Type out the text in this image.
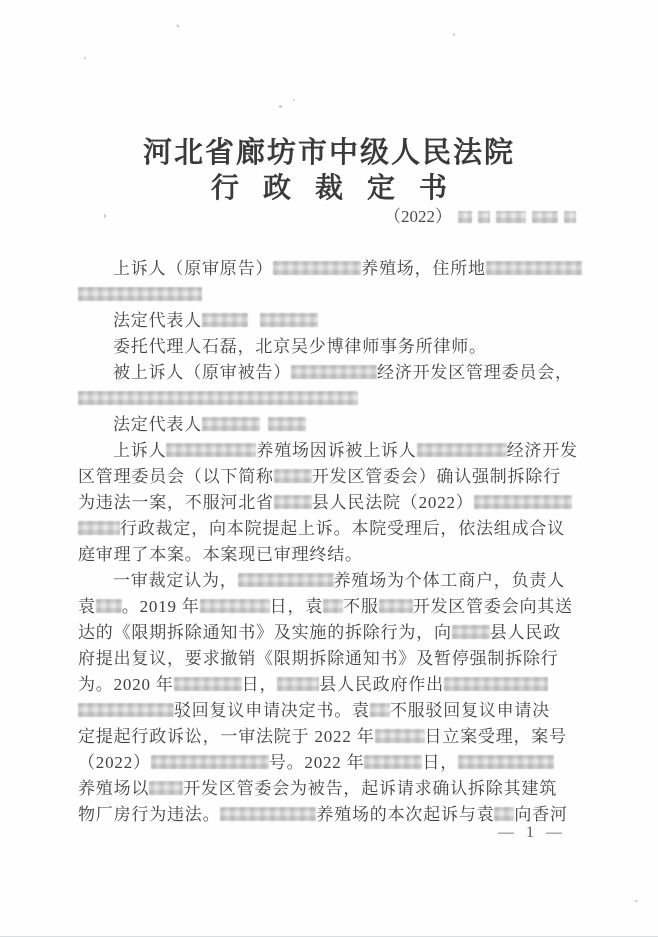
河北省廊坊市中级人民法院
行政裁定书
（2022）
上诉人（原审原告）	养殖场，住所地
法定代表人
委托代理人石磊，北京吴少博律师事务所律师。
被上诉人（原审被告）	经济开发区管理委员会，
法定代表人
上诉人	养殖场因诉被上诉人	经济开发
区管理委员会（以下简称 开发区管委会）确认强制拆除行
为违法一案，不服河北省 县人民法院（2022）
行政裁定，向本院提起上诉。本院受理后，依法组成合议
庭审理了本案。本案现已审理终结。
一审裁定认为，	养殖场为个体工商户，负责人
袁 。2019 年	日，袁 不服 开发区管委会向其送
达的《限期拆除通知书》及实施的拆除行为，向 县人民政
府提出复议，要求撤销《限期拆除通知书》及暂停强制拆除行
为。2020 年	日， 县人民政府作出
驳回复议申请决定书。袁 不服驳回复议申请决
定提起行政诉讼，一审法院于 2022 年	日立案受理，案号
（2022）	号。2022 年	日，
养殖场以 开发区管委会为被告，起诉请求确认拆除其建筑
物厂房行为违法。	养殖场的本次起诉与袁 向香河
— 1 —
